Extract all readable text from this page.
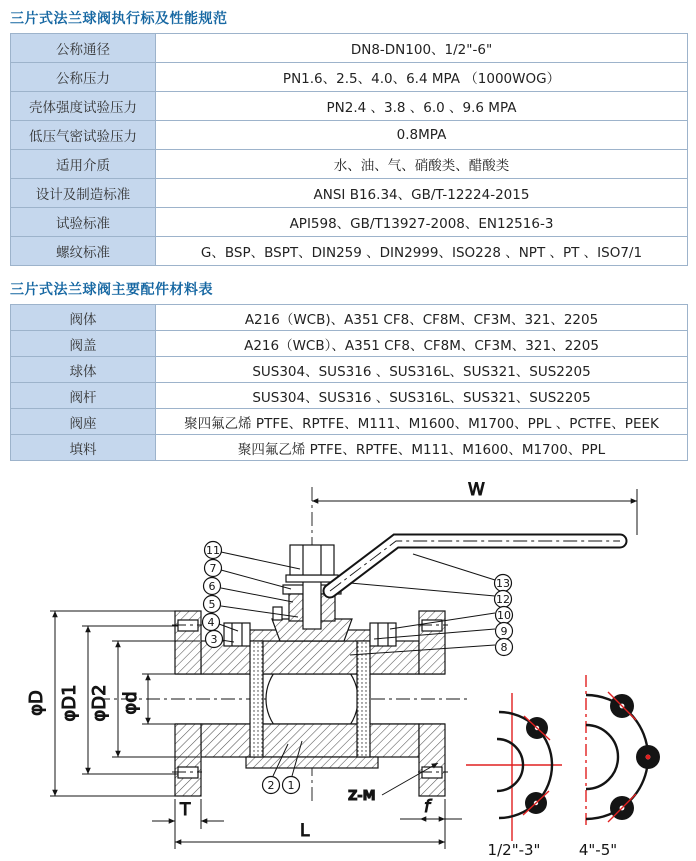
三片式法兰球阀执行标及性能规范
公称通径	DN8-DN100、1/2"-6"
公称压力	PN1.6、2.5、4.0、6.4 MPA （1000WOG）
壳体强度试验压力	PN2.4 、3.8 、6.0 、9.6 MPA
低压气密试验压力	0.8MPA
适用介质	水、油、气、硝酸类、醋酸类
设计及制造标准	ANSI B16.34、GB/T-12224-2015
试验标准	API598、GB/T13927-2008、EN12516-3
螺纹标准	G、BSP、BSPT、DIN259 、DIN2999、ISO228 、NPT 、PT 、ISO7/1
三片式法兰球阀主要配件材料表
阀体	A216（WCB)、A351 CF8、CF8M、CF3M、321、2205
阀盖	A216（WCB）、A351 CF8、CF8M、CF3M、321、2205
球体	SUS304、SUS316 、SUS316L、SUS321、SUS2205
阀杆	SUS304、SUS316 、SUS316L、SUS321、SUS2205
阀座	聚四氟乙烯 PTFE、RPTFE、M111、M1600、M1700、PPL 、PCTFE、PEEK
填料	聚四氟乙烯 PTFE、RPTFE、M111、M1600、M1700、PPL
W
φD φD1 φD2 φd
T
L
f
Z-M
11
7
6
5
4
3
13
12
10
9
8
2 1
1/2"-3"	4"-5"
